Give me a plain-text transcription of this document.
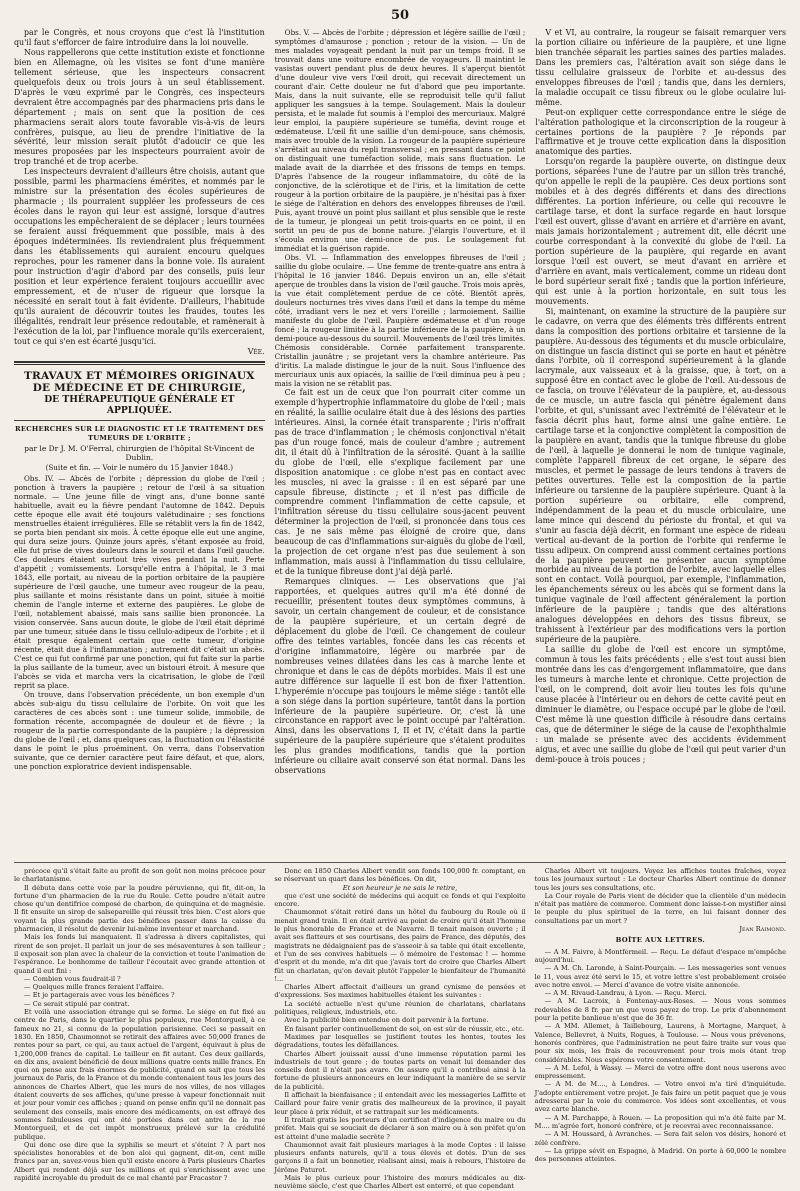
50

par le Congrès, et nous croyons que c'est là l'institution qu'il faut s'efforcer de faire introduire dans la loi nouvelle.

Nous rappellerons que cette institution existe et fonctionne bien en Allemagne, où les visites se font d'une manière tellement sérieuse, que les inspecteurs consacrent quelquefois deux ou trois jours à un seul établissement. D'après le vœu exprimé par le Congrès, ces inspecteurs devraient être accompagnés par des pharmaciens pris dans le département ; mais on sent que la position de ces pharmaciens serait alors toute favorable vis-à-vis de leurs confrères, puisque, au lieu de prendre l'initiative de la sévérité, leur mission serait plutôt d'adoucir ce que les mesures proposées par les inspecteurs pourraient avoir de trop tranché et de trop acerbe.

Les inspecteurs devraient d'ailleurs être choisis, autant que possible, parmi les pharmaciens émérites, et nommés par le ministre sur la présentation des écoles supérieures de pharmacie ; ils pourraient suppléer les professeurs de ces écoles dans le rayon qui leur est assigné, lorsque d'autres occupations les empêcheraient de se déplacer ; leurs tournées se feraient aussi fréquemment que possible, mais à des époques indéterminées. Ils reviendraient plus fréquemment dans les établissements qui auraient encouru quelques reproches, pour les ramener dans la bonne voie. Ils auraient pour instruction d'agir d'abord par des conseils, puis leur position et leur expérience feraient toujours accueillir avec empressement, et de n'user de rigueur que lorsque la nécessité en serait tout à fait évidente. D'ailleurs, l'habitude qu'ils auraient de découvrir toutes les fraudes, toutes les illégalités, rendrait leur présence redoutable, et ramènerait à l'exécution de la loi, par l'influence morale qu'ils exerceraient, tout ce qui s'en est écarté jusqu'ici.

Vée.

TRAVAUX ET MÉMOIRES ORIGINAUX DE MÉDECINE ET DE CHIRURGIE,
DE THÉRAPEUTIQUE GÉNÉRALE ET APPLIQUÉE.
RECHERCHES SUR LE DIAGNOSTIC ET LE TRAITEMENT DES TUMEURS DE L'ORBITE ;
par le Dr J. M. O'Ferral, chirurgien de l'hôpital St-Vincent de Dublin.
(Suite et fin. — Voir le numéro du 15 Janvier 1848.)

Obs. IV. — Abcès de l'orbite ; dépression du globe de l'œil ; ponction à travers la paupière ; retour de l'œil à sa situation normale. — Une jeune fille de vingt ans, d'une bonne santé habituelle, avait eu la fièvre pendant l'automne de 1842. Depuis cette époque elle avait été toujours valétudinaire ; ses fonctions menstruelles étaient irrégulières. Elle se rétablit vers la fin de 1842, se porta bien pendant six mois. À cette époque elle eut une angine, qui dura seize jours. Quinze jours après, s'étant exposée au froid, elle fut prise de vives douleurs dans le sourcil et dans l'œil gauche. Ces douleurs étaient surtout très vives pendant la nuit. Perte d'appétit ; vomissements. Lorsqu'elle entra à l'hôpital, le 3 mai 1843, elle portait, au niveau de la portion orbitaire de la paupière supérieure de l'œil gauche, une tumeur avec rougeur de la peau, plus saillante et moins résistante dans un point, située à moitié chemin de l'angle interne et externe des paupières. Le globe de l'œil, notablement abaissé, mais sans saillie bien prononcée. La vision conservée. Sans aucun doute, le globe de l'œil était déprimé par une tumeur, située dans le tissu cellulo-adipeux de l'orbite ; et il était presque également certain que cette tumeur, d'origine récente, était due à l'inflammation ; autrement dit c'était un abcès. C'est ce qui fut confirmé par une ponction, qui fut faite sur la partie la plus saillante de la tumeur, avec un bistouri étroit. À mesure que l'abcès se vida et marcha vers la cicatrisation, le globe de l'œil reprit sa place.

On trouve, dans l'observation précédente, un bon exemple d'un abcès sub-aigu du tissu cellulaire de l'orbite. On voit que les caractères de ces abcès sont : une tumeur solide, immobile, de formation récente, accompagnée de douleur et de fièvre ; la rougeur de la partie correspondante de la paupière ; la dépression du globe de l'œil ; et, dans quelques cas, la fluctuation ou l'élasticité dans le point le plus proéminent. On verra, dans l'observation suivante, que ce dernier caractère peut faire défaut, et que, alors, une ponction exploratrice devient indispensable.

Obs. V. — Abcès de l'orbite ; dépression et légère saillie de l'œil ; symptômes d'amaurose ; ponction ; retour de la vision. — Un de mes malades voyageait pendant la nuit par un temps froid. Il se trouvait dans une voiture encombrée de voyageurs. Il maintint le vasistas ouvert pendant plus de deux heures. Il s'aperçut bientôt d'une douleur vive vers l'œil droit, qui recevait directement un courant d'air. Cette douleur ne fut d'abord que peu importante. Mais, dans la nuit suivante, elle se reproduisit telle qu'il fallut appliquer les sangsues à la tempe. Soulagement. Mais la douleur persista, et le malade fut soumis à l'emploi des mercuriaux. Malgré leur emploi, la paupière supérieure se tuméfia, devint rouge et œdémateuse. L'œil fit une saillie d'un demi-pouce, sans chémosis, mais avec trouble de la vision. La rougeur de la paupière supérieure s'arrêtait au niveau du repli transversal ; en pressant dans ce point on distinguait une tuméfaction solide, mais sans fluctuation. Le malade avait de la diarrhée et des frissons de temps en temps. D'après l'absence de la rougeur inflammatoire, du côté de la conjonctive, de la sclérotique et de l'iris, et la limitation de cette rougeur à la portion orbitaire de la paupière, je n'hésitai pas à fixer le siége de l'altération en dehors des enveloppes fibreuses de l'œil. Puis, ayant trouvé un point plus saillant et plus sensible que le reste de la tumeur, je plongeai un petit trois-quarts en ce point, il en sortit un peu de pus de bonne nature. J'élargis l'ouverture, et il s'écoula environ une demi-once de pus. Le soulagement fut immédiat et la guérison rapide.

Obs. VI. — Inflammation des enveloppes fibreuses de l'œil ; saillie du globe oculaire. — Une femme de trente-quatre ans entra à l'hôpital le 16 janvier 1846. Depuis environ un an, elle s'était aperçue de troubles dans la vision de l'œil gauche. Trois mois après, la vue était complètement perdue de ce côté. Bientôt après, douleurs nocturnes très vives dans l'œil et dans la tempe du même côté, irradiant vers le nez et vers l'oreille ; larmoiement. Saillie manifeste du globe de l'œil. Paupière œdémateuse et d'un rouge foncé ; la rougeur limitée à la partie inférieure de la paupière, à un demi-pouce au-dessous du sourcil. Mouvements de l'œil très limités. Chémosis considérable. Cornée parfaitement transparente. Cristallin jaunâtre ; se projetant vers la chambre antérieure. Pas d'iritis. La malade distingue le jour de la nuit. Sous l'influence des mercuriaux unis aux opiacés, la saillie de l'œil diminua peu à peu ; mais la vision ne se rétablit pas.

Ce fait est un de ceux que l'on pourrait citer comme un exemple d'hypertrophie inflammatoire du globe de l'œil ; mais en réalité, la saillie oculaire était due à des lésions des parties intérieures. Ainsi, la cornée était transparente ; l'iris n'offrait pas de trace d'inflammation ; le chémosis conjonctival n'était pas d'un rouge foncé, mais de couleur d'ambre ; autrement dit, il était dû à l'infiltration de la sérosité. Quant à la saillie du globe de l'œil, elle s'explique facilement par une disposition anatomique : ce globe n'est pas en contact avec les muscles, ni avec la graisse : il en est séparé par une capsule fibreuse, distincte ; et il n'est pas difficile de comprendre comment l'inflammation de cette capsule, et l'infiltration séreuse du tissu cellulaire sous-jacent peuvent déterminer la projection de l'œil, si prononcée dans tous ces cas. Je ne sais même pas éloigné de croire que, dans beaucoup de cas d'inflammations sur-aiguës du globe de l'œil, la projection de cet organe n'est pas due seulement à son inflammation, mais aussi à l'inflammation du tissu cellulaire, et de la tunique fibreuse dont j'ai déjà parlé.

Remarques cliniques. — Les observations que j'ai rapportées, et quelques autres qu'il m'a été donné de recueillir, présentent toutes deux symptômes communs, à savoir, un certain changement de couleur, et de consistance de la paupière supérieure, et un certain degré de déplacement du globe de l'œil. Ce changement de couleur offre des teintes variables, foncée dans les cas récents et d'origine inflammatoire, légère ou marbrée par de nombreuses veines dilatées dans les cas à marche lente et chronique et dans le cas de dépôts morbides. Mais il est une autre différence sur laquelle il est bon de fixer l'attention. L'hyperémie n'occupe pas toujours le même siége : tantôt elle a son siége dans la portion supérieure, tantôt dans la portion inférieure de la paupière supérieure. Or, c'est là une circonstance en rapport avec le point occupé par l'altération. Ainsi, dans les observations I, II et IV, c'était dans la partie supérieure de la paupière supérieure que s'étaient produites les plus grandes modifications, tandis que la portion inférieure ou ciliaire avait conservé son état normal. Dans les observations

V et VI, au contraire, la rougeur se faisait remarquer vers la portion ciliaire ou inférieure de la paupière, et une ligne bien tranchée séparait les parties saines des parties malades. Dans les premiers cas, l'altération avait son siége dans le tissu cellulaire graisseux de l'orbite et au-dessus des enveloppes fibreuses de l'œil ; tandis que, dans les derniers, la maladie occupait ce tissu fibreux ou le globe oculaire lui-même.

Peut-on expliquer cette correspondance entre le siége de l'altération pathologique et la circonscription de la rougeur à certaines portions de la paupière ? Je réponds par l'affirmative et je trouve cette explication dans la disposition anatomique des parties.

Lorsqu'on regarde la paupière ouverte, on distingue deux portions, séparées l'une de l'autre par un sillon très tranché, qu'on appelle le repli de la paupière. Ces deux portions sont mobiles et à des degrés différents et dans des directions différentes. La portion inférieure, ou celle qui recouvre le cartilage tarse, et dont la surface regarde en haut lorsque l'œil est ouvert, glisse d'avant en arrière et d'arrière en avant, mais jamais horizontalement ; autrement dit, elle décrit une courbe correspondant à la convexité du globe de l'œil. La portion supérieure de la paupière, qui regarde en avant lorsque l'œil est ouvert, se meut d'avant en arrière et d'arrière en avant, mais verticalement, comme un rideau dont le bord supérieur serait fixé ; tandis que la portion inférieure, qui est unie à la portion horizontale, en suit tous les mouvements.

Si, maintenant, on examine la structure de la paupière sur le cadavre, on verra que des éléments très différents entrent dans la composition des portions orbitaire et tarsienne de la paupière. Au-dessous des téguments et du muscle orbiculaire, on distingue un fascia distinct qui se porte en haut et pénètre dans l'orbite, où il correspond supérieurement à la glande lacrymale, aux vaisseaux et à la graisse, que, à tort, on a supposé être en contact avec le globe de l'œil. Au-dessous de ce fascia, on trouve l'élévateur de la paupière, et, au-dessous de ce muscle, un autre fascia qui pénètre également dans l'orbite, et qui, s'unissant avec l'extrémité de l'élévateur et le fascia décrit plus haut, forme ainsi une gaîne entière. Le cartilage tarse et la conjonctive complètent la composition de la paupière en avant, tandis que la tunique fibreuse du globe de l'œil, à laquelle je donnerai le nom de tunique vaginale, complète l'appareil fibreux de cet organe, le sépare des muscles, et permet le passage de leurs tendons à travers de petites ouvertures. Telle est la composition de la partie inférieure ou tarsienne de la paupière supérieure. Quant à la portion supérieure ou orbitaire, elle comprend, indépendamment de la peau et du muscle orbiculaire, une lame mince qui descend du périoste du frontal, et qui va s'unir au fascia déjà décrit, en formant une espèce de rideau vertical au-devant de la portion de l'orbite qui renferme le tissu adipeux. On comprend aussi comment certaines portions de la paupière peuvent ne présenter aucun symptôme morbide au niveau de la portion de l'orbite, avec laquelle elles sont en contact. Voilà pourquoi, par exemple, l'inflammation, les épanchements séreux ou les abcès qui se forment dans la tunique vaginale de l'œil affectent généralement la portion inférieure de la paupière ; tandis que des altérations analogues développées en dehors des tissus fibreux, se trahissent à l'extérieur par des modifications vers la portion supérieure de la paupière.

La saillie du globe de l'œil est encore un symptôme, commun à tous les faits précédents ; elle s'est tout aussi bien montrée dans les cas d'engorgement inflammatoire, que dans les tumeurs à marche lente et chronique. Cette projection de l'œil, on le comprend, doit avoir lieu toutes les fois qu'une cause placée à l'intérieur ou en dehors de cette cavité peut en diminuer le diamètre, ou l'espace occupé par le globe de l'œil. C'est même là une question difficile à résoudre dans certains cas, que de déterminer le siége de la cause de l'exophthalmie : un malade se présente avec des accidents évidemment aigus, et avec une saillie du globe de l'œil qui peut varier d'un demi-pouce à trois pouces ;

précoce qu'il s'était faite au profit de son goût non moins précoce pour le charlatanisme.

Il débuta dans cette voie par la poudre péruvienne, qui fit, dit-on, la fortune d'un pharmacien de la rue du Roule. Cette poudre n'était autre chose qu'un dentifrice composé de charbon, de quinquina et de magnésie. Il fit ensuite un sirop de salsepareille qui réussit très bien. C'est alors que voyant la plus grande partie des bénéfices passer dans la caisse du pharmacien, il résolut de devenir lui-même inventeur et marchand.

Mais les fonds lui manquaient. Il s'adressa à divers capitalistes, qui rirent de son projet. Il parlait un jour de ses mésaventures à son tailleur ; il exposait son plan avec la chaleur de la conviction et toute l'animation de l'espérance. Le bonhomme de tailleur l'écoutait avec grande attention et quand il eut fini :

— Combien vous faudrait-il ?

— Quelques mille francs feraient l'affaire.

— Et je partagerais avec vous les bénéfices ?

— Ce serait stipulé par contrat.

Et voilà une association étrange qui se forme. Le siége en fut fixé au centre de Paris, dans le quartier le plus populeux, rue Montorgueil, à ce fameux no 21, si connu de la population parisienne. Ceci se passait en 1830. En 1850, Chaumonnot se retirait des affaires avec 50,000 francs de rentes pour sa part, ce qui, au taux actuel de l'argent, équivaut à plus de 1,200,000 francs de capital. Le tailleur en fit autant. Ces deux gaillards, en dix ans, avaient bénéficié de deux millions quatre cents mille francs. En quoi on pense aux frais énormes de publicité, quand on sait que tous les journaux de Paris, de la France et du monde contenaient tous les jours des annonces de Charles Albert, que les murs de nos villes, de nos villages étaient couverts de ses affiches, qu'une presse à vapeur fonctionnait nuit et jour pour vomir ces affiches ; quand on pense enfin qu'il ne donnait pas seulement des conseils, mais encore des médicaments, on est effrayé des sommes fabuleuses qui ont été portées dans cet antre de la rue Montorgueil, et de cet impôt monstrueux prélevé sur la crédulité publique.

Qui donc ose dire que la syphilis se meurt et s'éteint ? À part nos spécialistes honorables et de bon aloi qui gagnent, dit-on, cent mille francs par an, savez-vous bien qu'il existe encore à Paris plusieurs Charles Albert qui rendent déjà sur les millions et qui s'enrichissent avec une rapidité incroyable du produit de ce mal chanté par Fracastor ?

Donc en 1850 Charles Albert vendit son fonds 100,000 fr. comptant, en se réservant un quart dans les bénéfices. On dit,

Et son heureur je ne sais le retire,

que c'est une société de médecins qui acquit ce fonds et qui l'exploite encore.

Chaumonnot s'était retiré dans un hôtel du faubourg du Roule où il menait grand train. Il en était arrivé au point de croire qu'il était l'homme le plus honorable de France et de Navarre. Il tenait maison ouverte ; il avait ses flatteurs et ses courtisans, des pairs de France, des députés, des magistrats ne dédaignaient pas de s'asseoir à sa table qui était excellente, et l'un de ses convives habituels — ô mémoire de l'estomac ! — homme d'esprit et du monde, m'a dit que j'avais tort de croire que Charles Albert fût un charlatan, qu'on devait plutôt l'appeler le bienfaiteur de l'humanité !...

Charles Albert affectait d'ailleurs un grand cynisme de pensées et d'expressions. Ses maximes habituelles étaient les suivantes :

La société actuelle n'est qu'une réunion de charlatans, charlatans politiques, religieux, industriels, etc.

Avec la publicité bien entendue on doit parvenir à la fortune.

En faisant parler continuellement de soi, on est sûr de réussir, etc., etc.

Maximes par lesquelles se justifient toutes les hontes, toutes les dégradations, toutes les défaillances.

Charles Albert jouissait aussi d'une immense réputation parmi les industriels de tout genre ; de toutes parts on venait lui demander des conseils dont il n'était pas avare. On assure qu'il a contribué ainsi à la fortune de plusieurs annonceurs en leur indiquant la manière de se servir de la publicité.

Il affichait la bienfaisance ; il entendait avec les messageries Laffitte et Caillard pour faire venir gratis des malheureux de la province, il payait leur place à prix réduit, et se rattrapait sur les médicaments.

Il traitait gratis les porteurs d'un certificat d'indigence du maire ou du préfet. Mais qui se souciait de déclarer à son maire ou à son préfet qu'on est atteint d'une maladie secrète ?

Chaumonnot avait fait plusieurs mariages à la mode Coptes : il laisse plusieurs enfants naturels, qu'il a tous élevés et dotés. D'un de ses garçons il a fait un bonnetier, réalisant ainsi, mais à rebours, l'histoire de Jérôme Paturot.

Mais le plus curieux pour l'histoire des mœurs médicales au dix-neuvième siècle, c'est que Charles Albert est enterré, et que cependant

Charles Albert vit toujours. Voyez les affiches toutes fraîches, voyez tous les journaux surtout : Le docteur Charles Albert continue de donner tous les jours ses consultations, etc.

La Cour royale de Paris vient de décider que la clientèle d'un médecin n'était pas matière de commerce. Comment donc laisse-t-on mystifier ainsi le peuple du plus spirituel de la terre, en lui faisant donner des consultations par un mort ?

Jean Raimond.

BOÎTE AUX LETTRES.

— A M. Faivre, à Montfermeil. — Reçu. Le défaut d'espace m'empêche aujourd'hui.

— A M. Ch. Laronde, à Saint-Pourçain. — Les messageries sont venues le 11, vous avez été servi le 15, et votre lettre s'est probablement croisée avec notre envoi. — Merci d'avance de votre visite annoncée.

— A M. Rivaud-Landrau, à Lyon. — Reçu. Merci.

— A M. Lacroix, à Fontenay-aux-Roses. — Nous vous sommes redevables de 8 fr. par un que vous payez de trop. Le prix d'abonnement pour la petite banlieue n'est que de 36 fr.

— A MM. Allemet, à Taillebourg, Laurens, à Mortagne, Marquet, à Valence, Bellevret, à Nuits, Rogues, à Toulouse. — Nous vous prévenons, honorés confrères, que l'administration ne peut faire traite sur vous que pour six mois, les frais de recouvrement pour trois mois étant trop considérables. Nous espérons votre consentement.

— A M. Lefol, à Wassy. — Merci de votre offre dont nous userons avec empressement.

— A M. de M...., à Londres. — Votre envoi m'a tiré d'inquiétude. J'adopte entièrement votre projet. Je fais faire un petit paquet que je vous adresserai par la voie du commerce. Vos idées sont excellentes, et vous avez carte blanche.

— A M. Parchappe, à Rouen. — La proposition qui m'a été faite par M. M.... m'agrée fort, honoré confrère, et je recevrai avec reconnaissance.

— A M. Houssard, à Avranches. — Sera fait selon vos désirs, honoré et zélé confrère.

— La grippe sévit en Espagne, à Madrid. On porte à 60,000 le nombre des personnes atteintes.
